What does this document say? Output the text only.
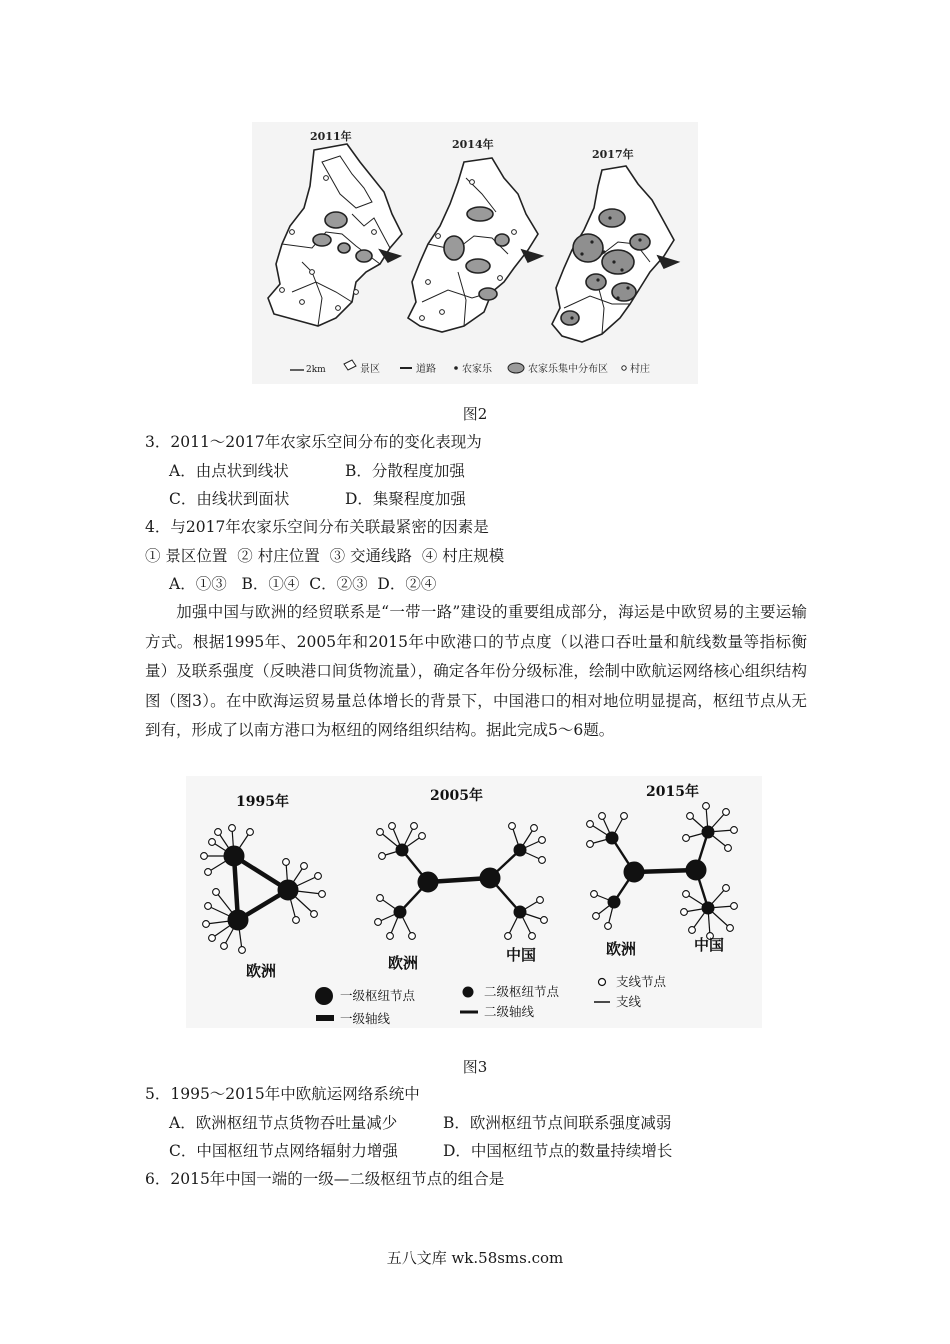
2011年
2014年
2017年
2km	景区	道路	农家乐	农家乐集中分布区 村庄
图2
3．2011～2017年农家乐空间分布的变化表现为
A．由点状到线状	B．分散程度加强
C．由线状到面状	D．集聚程度加强
4．与2017年农家乐空间分布关联最紧密的因素是
① 景区位置  ② 村庄位置  ③ 交通线路  ④ 村庄规模
A．①③   B．①④  C．②③  D．②④
加强中国与欧洲的经贸联系是“一带一路”建设的重要组成部分，海运是中欧贸易的主要运输方式。根据1995年、2005年和2015年中欧港口的节点度（以港口吞吐量和航线数量等指标衡量）及联系强度（反映港口间货物流量），确定各年份分级标准，绘制中欧航运网络核心组织结构图（图3）。在中欧海运贸易量总体增长的背景下，中国港口的相对地位明显提高，枢纽节点从无到有，形成了以南方港口为枢纽的网络组织结构。据此完成5～6题。
1995年	2005年	2015年
欧洲	欧洲	中国	欧洲	中国
一级枢纽节点
一级轴线
二级枢纽节点
二级轴线
支线节点
支线
图3
5．1995～2015年中欧航运网络系统中
A．欧洲枢纽节点货物吞吐量减少	B．欧洲枢纽节点间联系强度减弱
C．中国枢纽节点网络辐射力增强	D．中国枢纽节点的数量持续增长
6．2015年中国一端的一级—二级枢纽节点的组合是
五八文库 wk.58sms.com
